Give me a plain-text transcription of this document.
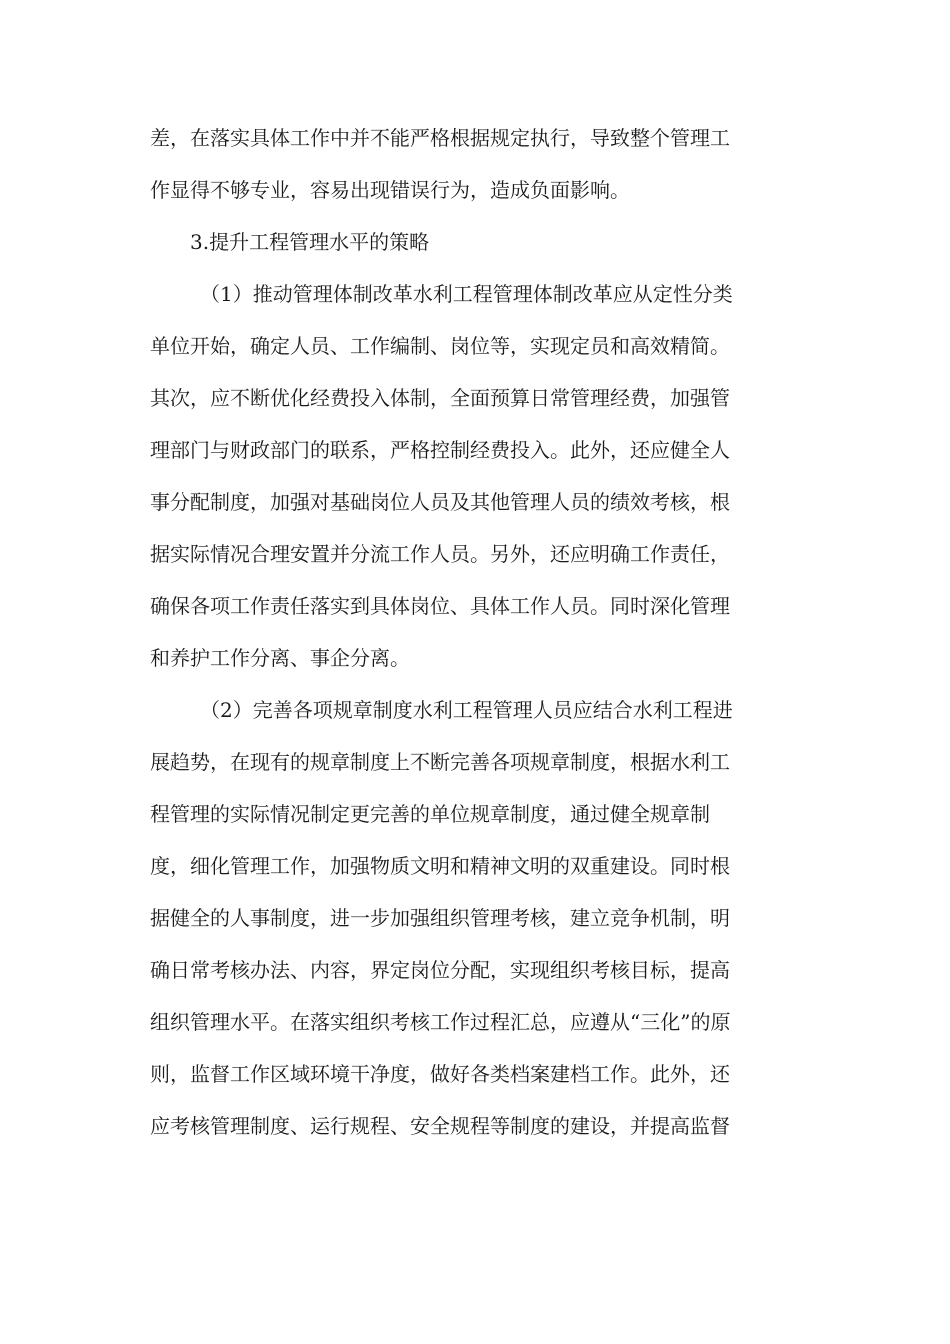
差，在落实具体工作中并不能严格根据规定执行，导致整个管理工
作显得不够专业，容易出现错误行为，造成负面影响。
3.提升工程管理水平的策略
（1）推动管理体制改革水利工程管理体制改革应从定性分类
单位开始，确定人员、工作编制、岗位等，实现定员和高效精简。
其次，应不断优化经费投入体制，全面预算日常管理经费，加强管
理部门与财政部门的联系，严格控制经费投入。此外，还应健全人
事分配制度，加强对基础岗位人员及其他管理人员的绩效考核，根
据实际情况合理安置并分流工作人员。另外，还应明确工作责任，
确保各项工作责任落实到具体岗位、具体工作人员。同时深化管理
和养护工作分离、事企分离。
（2）完善各项规章制度水利工程管理人员应结合水利工程进
展趋势，在现有的规章制度上不断完善各项规章制度，根据水利工
程管理的实际情况制定更完善的单位规章制度，通过健全规章制
度，细化管理工作，加强物质文明和精神文明的双重建设。同时根
据健全的人事制度，进一步加强组织管理考核，建立竞争机制，明
确日常考核办法、内容，界定岗位分配，实现组织考核目标，提高
组织管理水平。在落实组织考核工作过程汇总，应遵从“三化”的原
则，监督工作区域环境干净度，做好各类档案建档工作。此外，还
应考核管理制度、运行规程、安全规程等制度的建设，并提高监督
